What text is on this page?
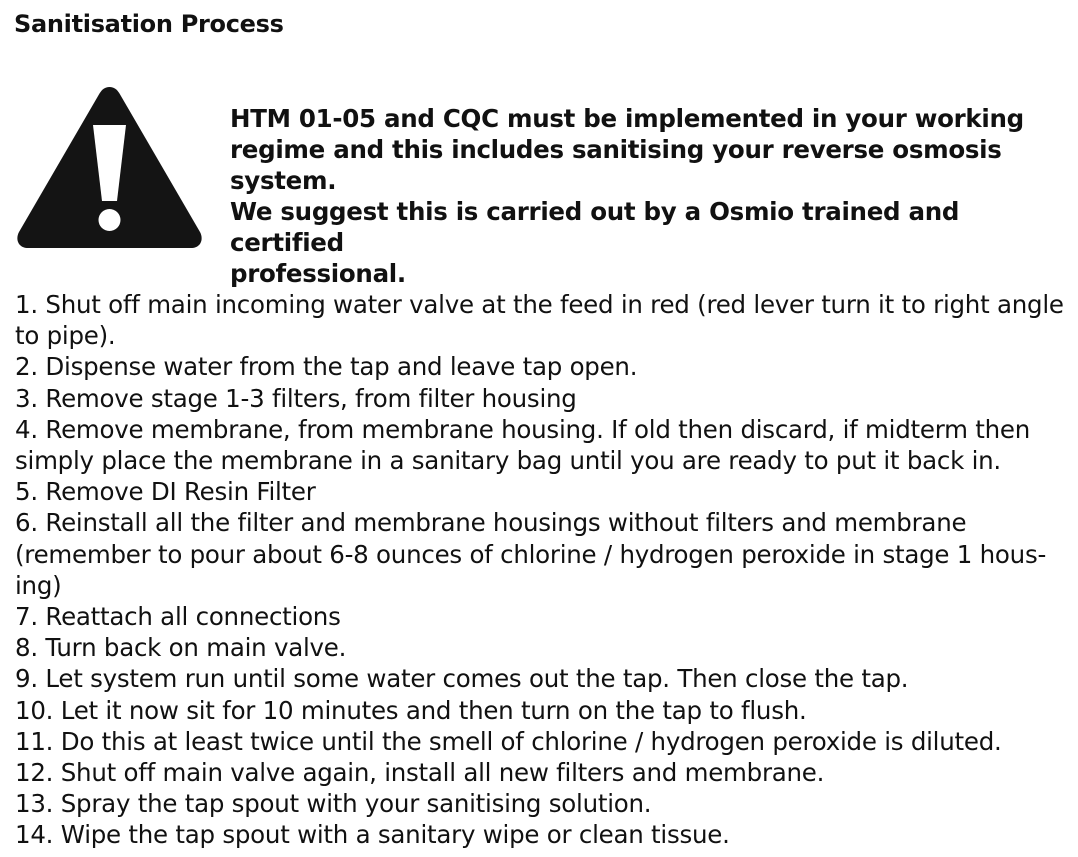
Sanitisation Process

HTM 01-05 and CQC must be implemented in your working
regime and this includes sanitising your reverse osmosis system.
We suggest this is carried out by a Osmio trained and certified
professional.

1. Shut off main incoming water valve at the feed in red (red lever turn it to right angle to pipe).
2. Dispense water from the tap and leave tap open.
3. Remove stage 1-3 filters, from filter housing
4. Remove membrane, from membrane housing. If old then discard, if midterm then simply place the membrane in a sanitary bag until you are ready to put it back in.
5. Remove DI Resin Filter
6. Reinstall all the filter and membrane housings without filters and membrane (remember to pour about 6-8 ounces of chlorine / hydrogen peroxide in stage 1 hous-ing)
7. Reattach all connections
8. Turn back on main valve.
9. Let system run until some water comes out the tap. Then close the tap.
10. Let it now sit for 10 minutes and then turn on the tap to flush.
11. Do this at least twice until the smell of chlorine / hydrogen peroxide is diluted.
12. Shut off main valve again, install all new filters and membrane.
13. Spray the tap spout with your sanitising solution.
14. Wipe the tap spout with a sanitary wipe or clean tissue.
